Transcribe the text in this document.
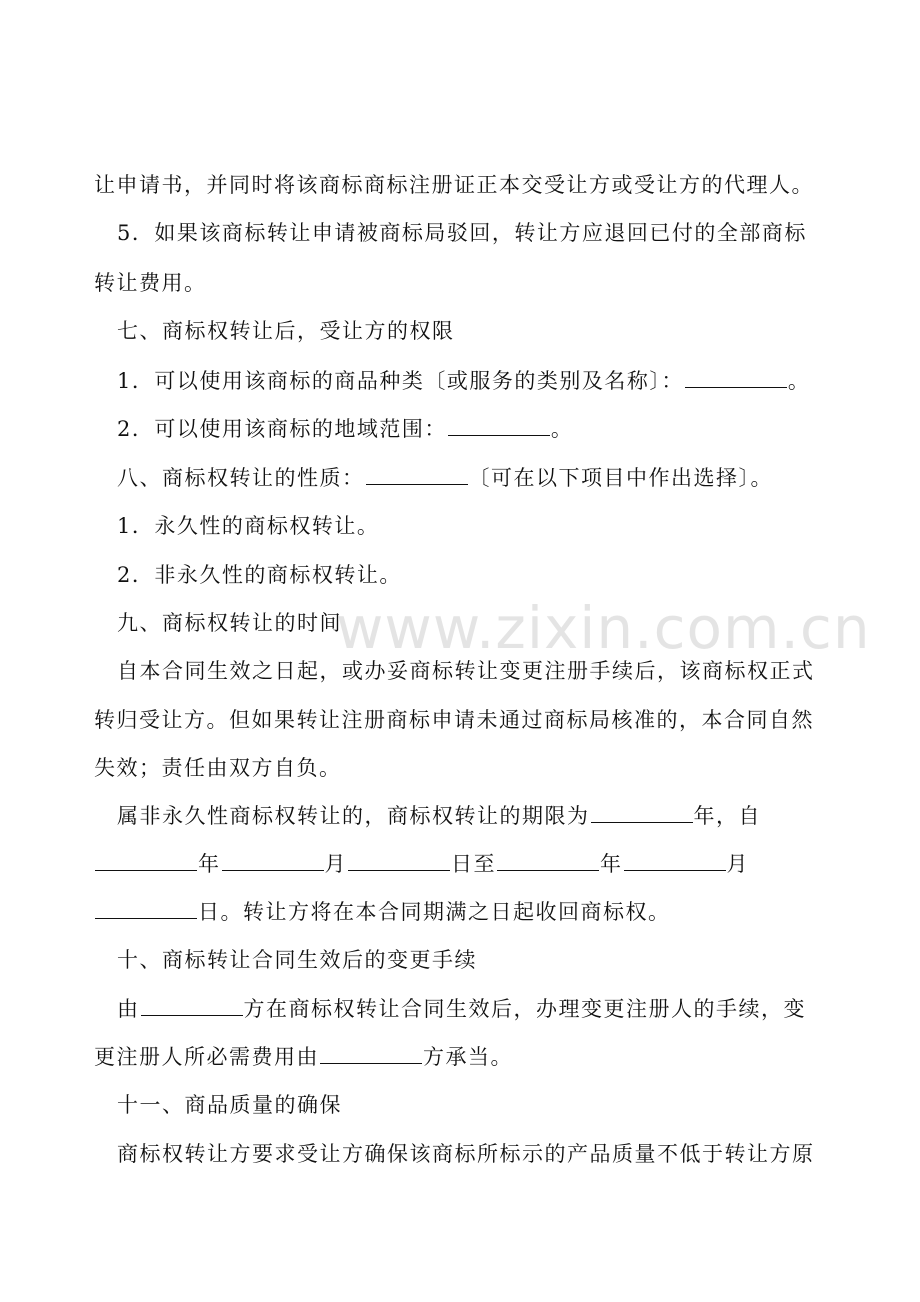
www.zixin.com.cn
让申请书，并同时将该商标商标注册证正本交受让方或受让方的代理人。
5．如果该商标转让申请被商标局驳回，转让方应退回已付的全部商标
转让费用。
七、商标权转让后，受让方的权限
1．可以使用该商标的商品种类〔或服务的类别及名称〕：	。
2．可以使用该商标的地域范围：	。
八、商标权转让的性质：	〔可在以下项目中作出选择〕。
1．永久性的商标权转让。
2．非永久性的商标权转让。
九、商标权转让的时间
自本合同生效之日起，或办妥商标转让变更注册手续后，该商标权正式
转归受让方。但如果转让注册商标申请未通过商标局核准的，本合同自然
失效；责任由双方自负。
属非永久性商标权转让的，商标权转让的期限为	年，自
年	月	日至	年	月
日。转让方将在本合同期满之日起收回商标权。
十、商标转让合同生效后的变更手续
由	方在商标权转让合同生效后，办理变更注册人的手续，变
更注册人所必需费用由	方承当。
十一、商品质量的确保
商标权转让方要求受让方确保该商标所标示的产品质量不低于转让方原
